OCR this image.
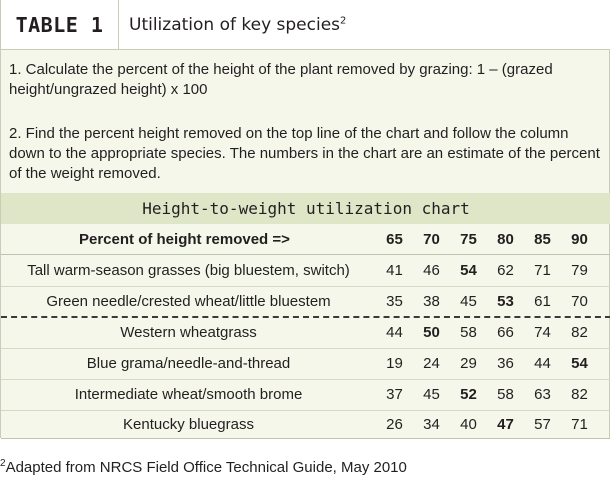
TABLE 1	Utilization of key species$^2$
1. Calculate the percent of the height of the plant removed by grazing: 1 – (grazed height/ungrazed height) x 100
2. Find the percent height removed on the top line of the chart and follow the column down to the appropriate species. The numbers in the chart are an estimate of the percent of the weight removed.
Height-to-weight utilization chart
Percent of height removed =>	65	70	75	80	85	90
Tall warm-season grasses (big bluestem, switch)	41	46	54	62	71	79
Green needle/crested wheat/little bluestem	35	38	45	53	61	70
Western wheatgrass	44	50	58	66	74	82
Blue grama/needle-and-thread	19	24	29	36	44	54
Intermediate wheat/smooth brome	37	45	52	58	63	82
Kentucky bluegrass	26	34	40	47	57	71
$^2$Adapted from NRCS Field Office Technical Guide, May 2010
